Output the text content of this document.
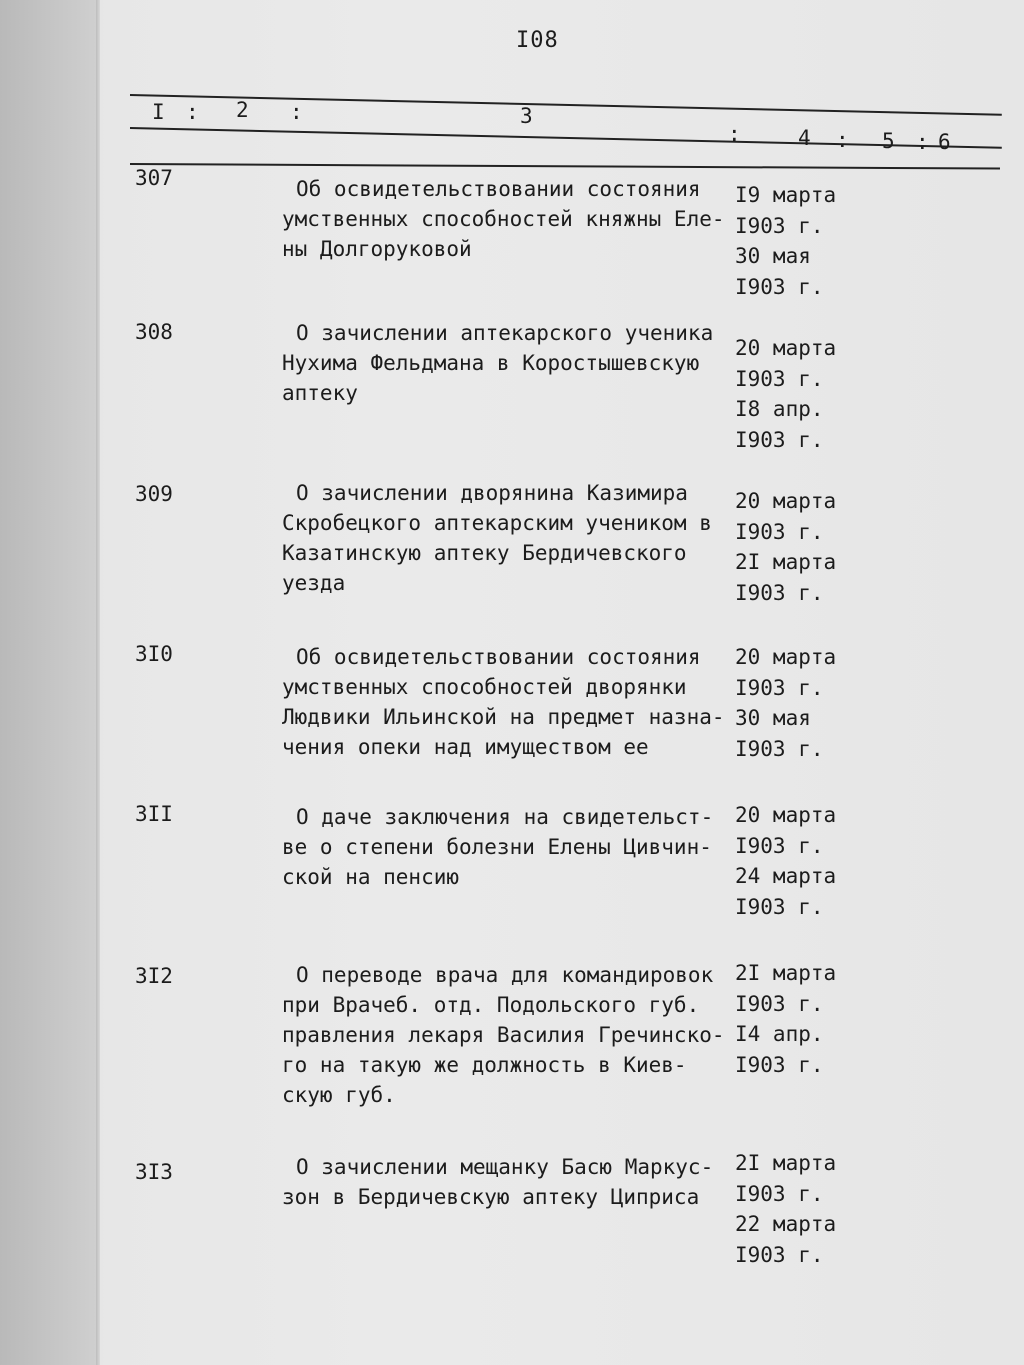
I08
I : 2 :	3
:	4 : 5 : 6
307	Об освидетельствовании состояния
умственных способностей княжны Еле-
ны Долгоруковой
I9 марта
I903 г.
30 мая
I903 г.
308	О зачислении аптекарского ученика
Нухима Фельдмана в Коростышевскую
аптеку
20 марта
I903 г.
I8 апр.
I903 г.
309	О зачислении дворянина Казимира
Скробецкого аптекарским учеником в
Казатинскую аптеку Бердичевского
уезда
20 марта
I903 г.
2I марта
I903 г.
3I0	Об освидетельствовании состояния
умственных способностей дворянки
Людвики Ильинской на предмет назна-
чения опеки над имуществом ее
20 марта
I903 г.
30 мая
I903 г.
3II	О даче заключения на свидетельст-
ве о степени болезни Елены Цивчин-
ской на пенсию
20 марта
I903 г.
24 марта
I903 г.
3I2	О переводе врача для командировок
при Врачеб. отд. Подольского губ.
правления лекаря Василия Гречинско-
го на такую же должность в Киев-
скую губ.
2I марта
I903 г.
I4 апр.
I903 г.
3I3	О зачислении мещанку Басю Маркус-
зон в Бердичевскую аптеку Циприса
2I марта
I903 г.
22 марта
I903 г.
